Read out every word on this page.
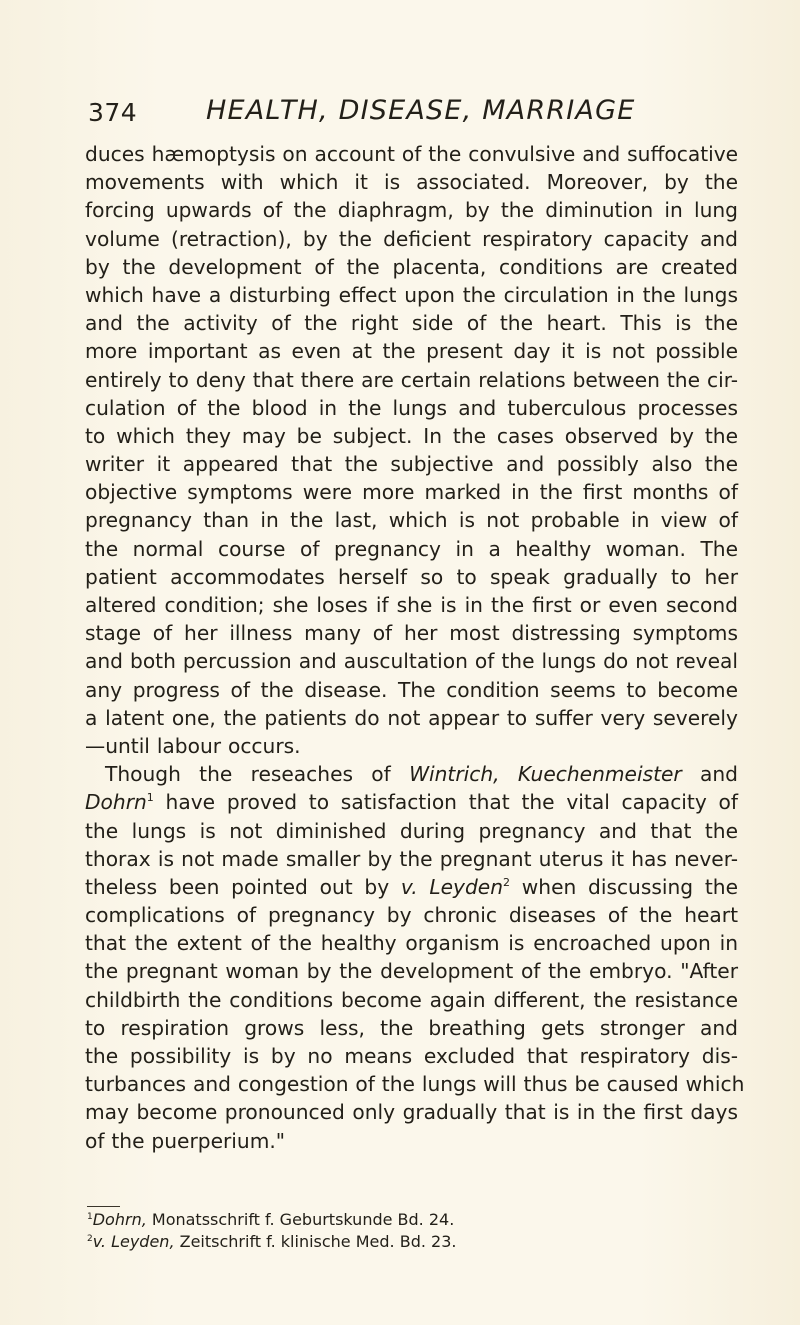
374	HEALTH, DISEASE, MARRIAGE
duces hæmoptysis on account of the convulsive and suffocative
movements with which it is associated. Moreover, by the
forcing upwards of the diaphragm, by the diminution in lung
volume (retraction), by the deficient respiratory capacity and
by the development of the placenta, conditions are created
which have a disturbing effect upon the circulation in the lungs
and the activity of the right side of the heart. This is the
more important as even at the present day it is not possible
entirely to deny that there are certain relations between the cir-
culation of the blood in the lungs and tuberculous processes
to which they may be subject. In the cases observed by the
writer it appeared that the subjective and possibly also the
objective symptoms were more marked in the first months of
pregnancy than in the last, which is not probable in view of
the normal course of pregnancy in a healthy woman. The
patient accommodates herself so to speak gradually to her
altered condition; she loses if she is in the first or even second
stage of her illness many of her most distressing symptoms
and both percussion and auscultation of the lungs do not reveal
any progress of the disease. The condition seems to become
a latent one, the patients do not appear to suffer very severely
—until labour occurs.
Though the reseaches of Wintrich, Kuechenmeister and
Dohrn$^1$ have proved to satisfaction that the vital capacity of
the lungs is not diminished during pregnancy and that the
thorax is not made smaller by the pregnant uterus it has never-
theless been pointed out by v. Leyden$^2$ when discussing the
complications of pregnancy by chronic diseases of the heart
that the extent of the healthy organism is encroached upon in
the pregnant woman by the development of the embryo. "After
childbirth the conditions become again different, the resistance
to respiration grows less, the breathing gets stronger and
the possibility is by no means excluded that respiratory dis-
turbances and congestion of the lungs will thus be caused which
may become pronounced only gradually that is in the first days
of the puerperium."
$^1$Dohrn, Monatsschrift f. Geburtskunde Bd. 24.
$^2$v. Leyden, Zeitschrift f. klinische Med. Bd. 23.
